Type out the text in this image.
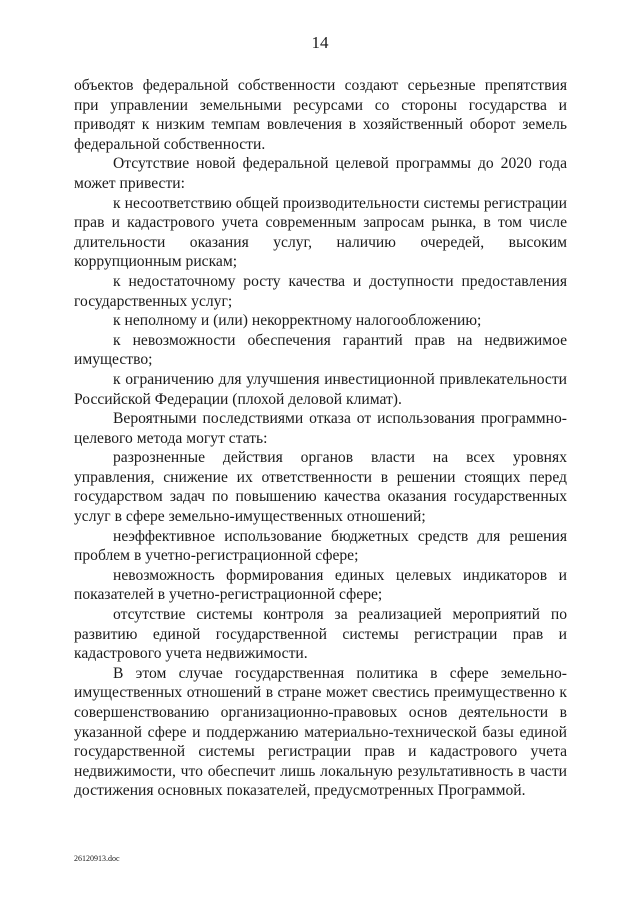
14

объектов федеральной собственности создают серьезные препятствия при управлении земельными ресурсами со стороны государства и приводят к низким темпам вовлечения в хозяйственный оборот земель федеральной собственности.

Отсутствие новой федеральной целевой программы до 2020 года может привести:

к несоответствию общей производительности системы регистрации прав и кадастрового учета современным запросам рынка, в том числе длительности оказания услуг, наличию очередей, высоким коррупционным рискам;

к недостаточному росту качества и доступности предоставления государственных услуг;

к неполному и (или) некорректному налогообложению;

к невозможности обеспечения гарантий прав на недвижимое имущество;

к ограничению для улучшения инвестиционной привлекательности Российской Федерации (плохой деловой климат).

Вероятными последствиями отказа от использования программно-целевого метода могут стать:

разрозненные действия органов власти на всех уровнях управления, снижение их ответственности в решении стоящих перед государством задач по повышению качества оказания государственных услуг в сфере земельно-имущественных отношений;

неэффективное использование бюджетных средств для решения проблем в учетно-регистрационной сфере;

невозможность формирования единых целевых индикаторов и показателей в учетно-регистрационной сфере;

отсутствие системы контроля за реализацией мероприятий по развитию единой государственной системы регистрации прав и кадастрового учета недвижимости.

В этом случае государственная политика в сфере земельно-имущественных отношений в стране может свестись преимущественно к совершенствованию организационно-правовых основ деятельности в указанной сфере и поддержанию материально-технической базы единой государственной системы регистрации прав и кадастрового учета недвижимости, что обеспечит лишь локальную результативность в части достижения основных показателей, предусмотренных Программой.

26120913.doc
